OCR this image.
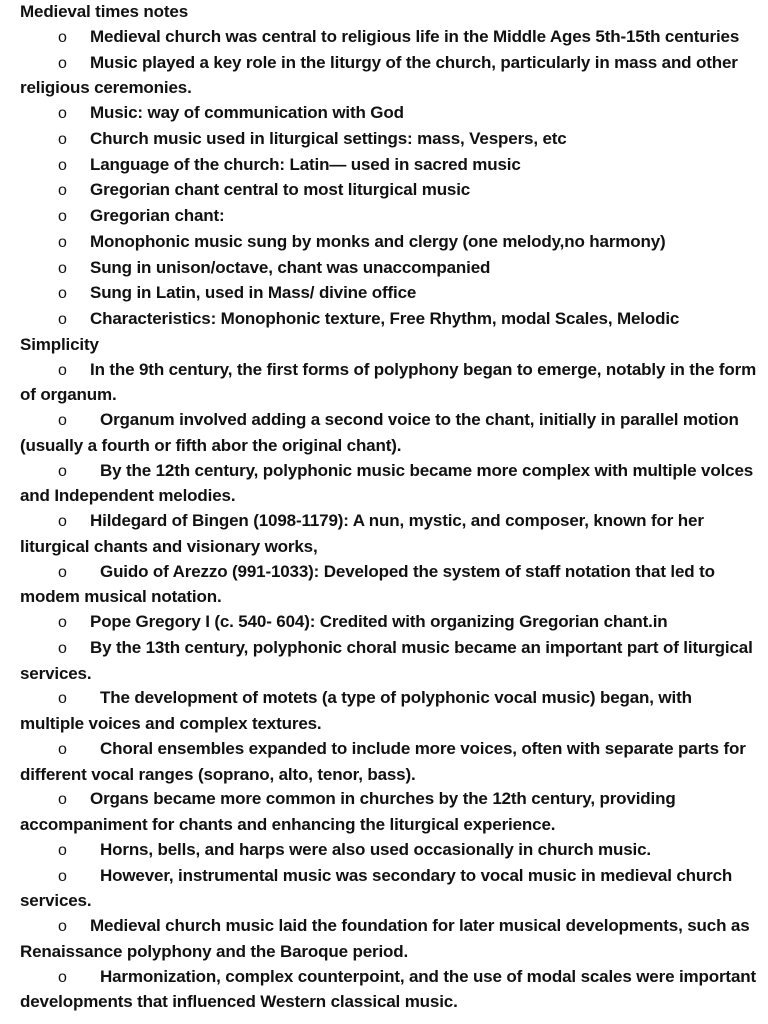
Medieval times notes

o Medieval church was central to religious life in the Middle Ages 5th-15th centuries

o Music played a key role in the liturgy of the church, particularly in mass and other religious ceremonies.

o Music: way of communication with God

o Church music used in liturgical settings: mass, Vespers, etc

o Language of the church: Latin— used in sacred music

o Gregorian chant central to most liturgical music

o Gregorian chant:

o Monophonic music sung by monks and clergy (one melody,no harmony)

o Sung in unison/octave, chant was unaccompanied

o Sung in Latin, used in Mass/ divine office

o Characteristics: Monophonic texture, Free Rhythm, modal Scales, Melodic Simplicity

o In the 9th century, the first forms of polyphony began to emerge, notably in the form of organum.

o Organum involved adding a second voice to the chant, initially in parallel motion (usually a fourth or fifth abor the original chant).

o By the 12th century, polyphonic music became more complex with multiple volces and Independent melodies.

o Hildegard of Bingen (1098-1179): A nun, mystic, and composer, known for her liturgical chants and visionary works,

o Guido of Arezzo (991-1033): Developed the system of staff notation that led to modem musical notation.

o Pope Gregory I (c. 540- 604): Credited with organizing Gregorian chant.in

o By the 13th century, polyphonic choral music became an important part of liturgical services.

o The development of motets (a type of polyphonic vocal music) began, with multiple voices and complex textures.

o Choral ensembles expanded to include more voices, often with separate parts for different vocal ranges (soprano, alto, tenor, bass).

o Organs became more common in churches by the 12th century, providing accompaniment for chants and enhancing the liturgical experience.

o Horns, bells, and harps were also used occasionally in church music.

o However, instrumental music was secondary to vocal music in medieval church services.

o Medieval church music laid the foundation for later musical developments, such as Renaissance polyphony and the Baroque period.

o Harmonization, complex counterpoint, and the use of modal scales were important developments that influenced Western classical music.
